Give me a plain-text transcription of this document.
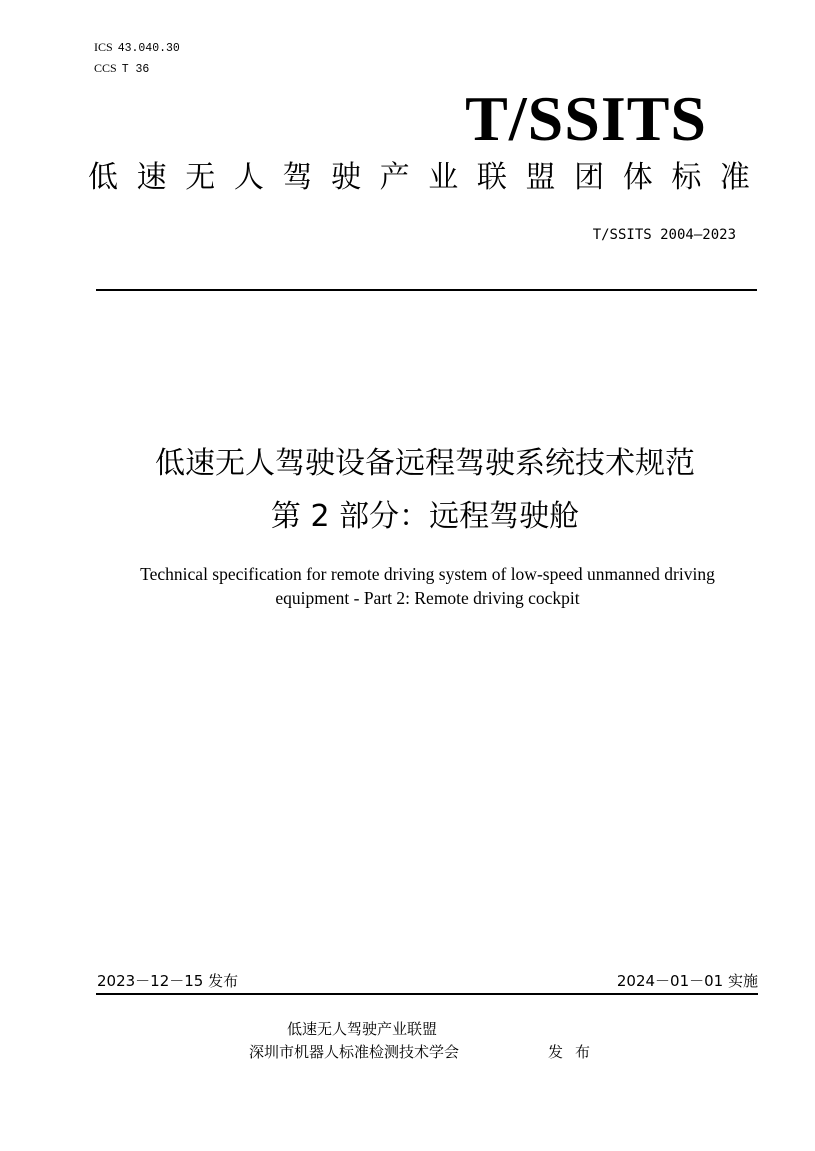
ICS 43.040.30
CCS T 36
T/SSITS
低 速 无 人 驾 驶 产 业 联 盟 团 体 标 准
T/SSITS 2004—2023
低速无人驾驶设备远程驾驶系统技术规范
第 2 部分：远程驾驶舱
Technical specification for remote driving system of low-speed unmanned driving
equipment - Part 2: Remote driving cockpit
2023－12－15 发布	2024－01－01 实施
低速无人驾驶产业联盟
深圳市机器人标准检测技术学会	发布
